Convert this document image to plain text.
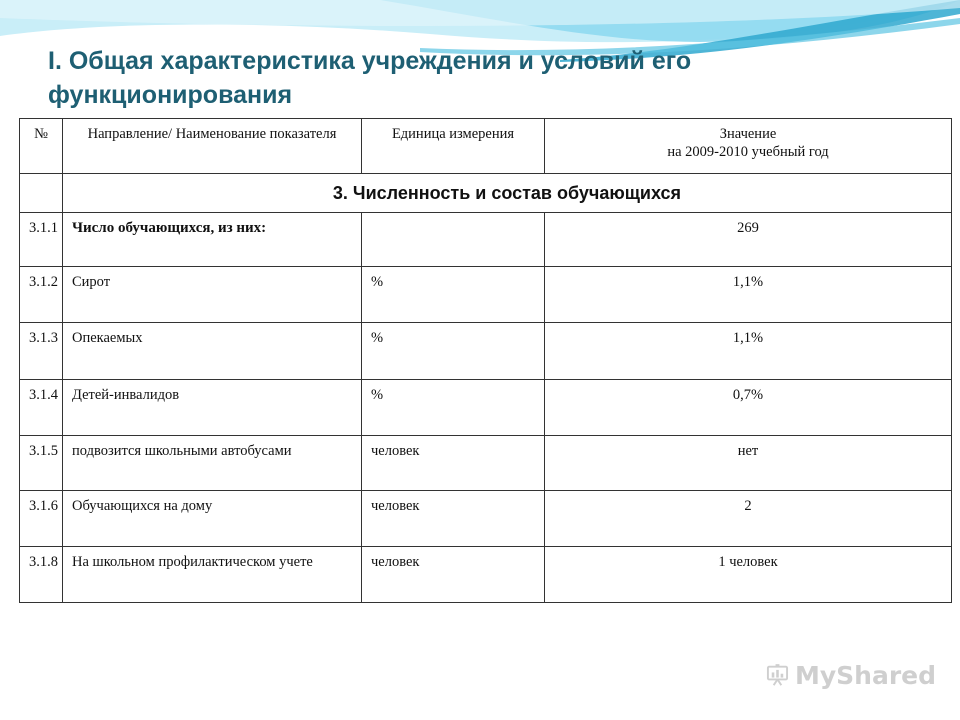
I. Общая характеристика учреждения и условий его функционирования
№	Направление/ Наименование показателя	Единица измерения	Значение
на 2009-2010 учебный год

	3. Численность и состав обучающихся		
3.1.1	Число обучающихся, из них:		269
3.1.2	Сирот	%	1,1%
3.1.3	Опекаемых	%	1,1%
3.1.4	Детей-инвалидов	%	0,7%
3.1.5	подвозится школьными автобусами	человек	нет
3.1.6	Обучающихся на дому	человек	2
3.1.8	На школьном профилактическом учете	человек	1 человек
MyShared
